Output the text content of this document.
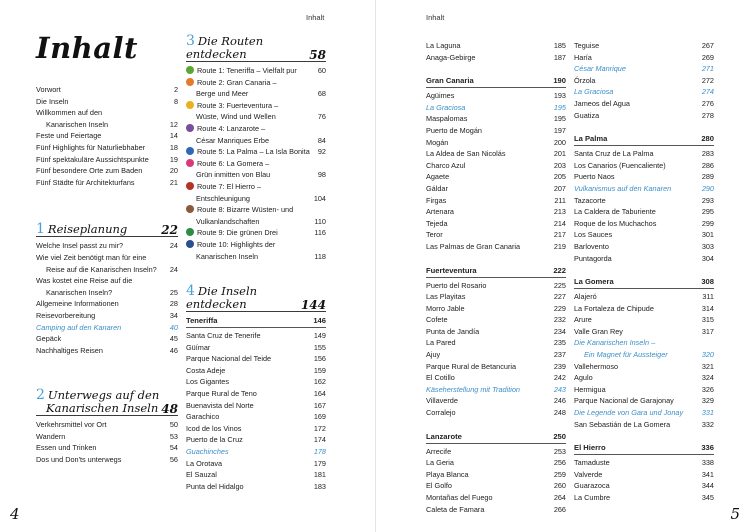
Inhalt
Inhalt
Vorwort	2
Die Inseln	8
Willkommen auf den
Kanarischen Inseln	12
Feste und Feiertage	14
Fünf Highlights für Naturliebhaber	18
Fünf spektakuläre Aussichtspunkte	19
Fünf besondere Orte zum Baden	20
Fünf Städte für Architekturfans	21
1 Reiseplanung	22
Welche Insel passt zu mir?	24
Wie viel Zeit benötigt man für eine
Reise auf die Kanarischen Inseln?	24
Was kostet eine Reise auf die
Kanarischen Inseln?	25
Allgemeine Informationen	28
Reisevorbereitung	34
Camping auf den Kanaren	40
Gepäck	45
Nachhaltiges Reisen	46
2 Unterwegs auf den
Kanarischen Inseln 48
Verkehrsmittel vor Ort	50
Wandern	53
Essen und Trinken	54
Dos und Don'ts unterwegs	56
3 Die Routen entdecken	58
Route 1: Teneriffa – Vielfalt pur	60
Route 2: Gran Canaria –
Berge und Meer	68
Route 3: Fuerteventura –
Wüste, Wind und Wellen	76
Route 4: Lanzarote –
César Manriques Erbe	84
Route 5: La Palma – La Isla Bonita	92
Route 6: La Gomera –
Grün inmitten von Blau	98
Route 7: El Hierro –
Entschleunigung	104
Route 8: Bizarre Wüsten- und
Vulkanlandschaften	110
Route 9: Die grünen Drei	116
Route 10: Highlights der
Kanarischen Inseln	118
4 Die Inseln entdecken	144
Teneriffa	146
Santa Cruz de Tenerife	149
Güímar	155
Parque Nacional del Teide	156
Costa Adeje	159
Los Gigantes	162
Parque Rural de Teno	164
Buenavista del Norte	167
Garachico	169
Icod de los Vinos	172
Puerto de la Cruz	174
Guachinches	178
La Orotava	179
El Sauzal	181
Punta del Hidalgo	183
4
Inhalt
La Laguna	185
Anaga-Gebirge	187
Gran Canaria	190
Agüimes	193
La Graciosa	195
Maspalomas	195
Puerto de Mogán	197
Mogán	200
La Aldea de San Nicolás	201
Charco Azul	203
Agaete	205
Gáldar	207
Firgas	211
Artenara	213
Tejeda	214
Teror	217
Las Palmas de Gran Canaria	219
Fuerteventura	222
Puerto del Rosario	225
Las Playitas	227
Morro Jable	229
Cofete	232
Punta de Jandía	234
La Pared	235
Ajuy	237
Parque Rural de Betancuria	239
El Cotillo	242
Käseherstellung mit Tradition	243
Villaverde	246
Corralejo	248
Lanzarote	250
Arrecife	253
La Geria	256
Playa Blanca	259
El Golfo	260
Montañas del Fuego	264
Caleta de Famara	266
Teguise	267
Haría	269
César Manrique	271
Órzola	272
La Graciosa	274
Jameos del Agua	276
Guatiza	278
La Palma	280
Santa Cruz de La Palma	283
Los Canarios (Fuencaliente)	286
Puerto Naos	289
Vulkanismus auf den Kanaren	290
Tazacorte	293
La Caldera de Taburiente	295
Roque de los Muchachos	299
Los Sauces	301
Barlovento	303
Puntagorda	304
La Gomera	308
Alajeró	311
La Fortaleza de Chipude	314
Arure	315
Valle Gran Rey	317
Die Kanarischen Inseln –
Ein Magnet für Aussteiger	320
Vallehermoso	321
Agulo	324
Hermigua	326
Parque Nacional de Garajonay	329
Die Legende von Gara und Jonay	331
San Sebastián de La Gomera	332
El Hierro	336
Tamaduste	338
Valverde	341
Guarazoca	344
La Cumbre	345
5
